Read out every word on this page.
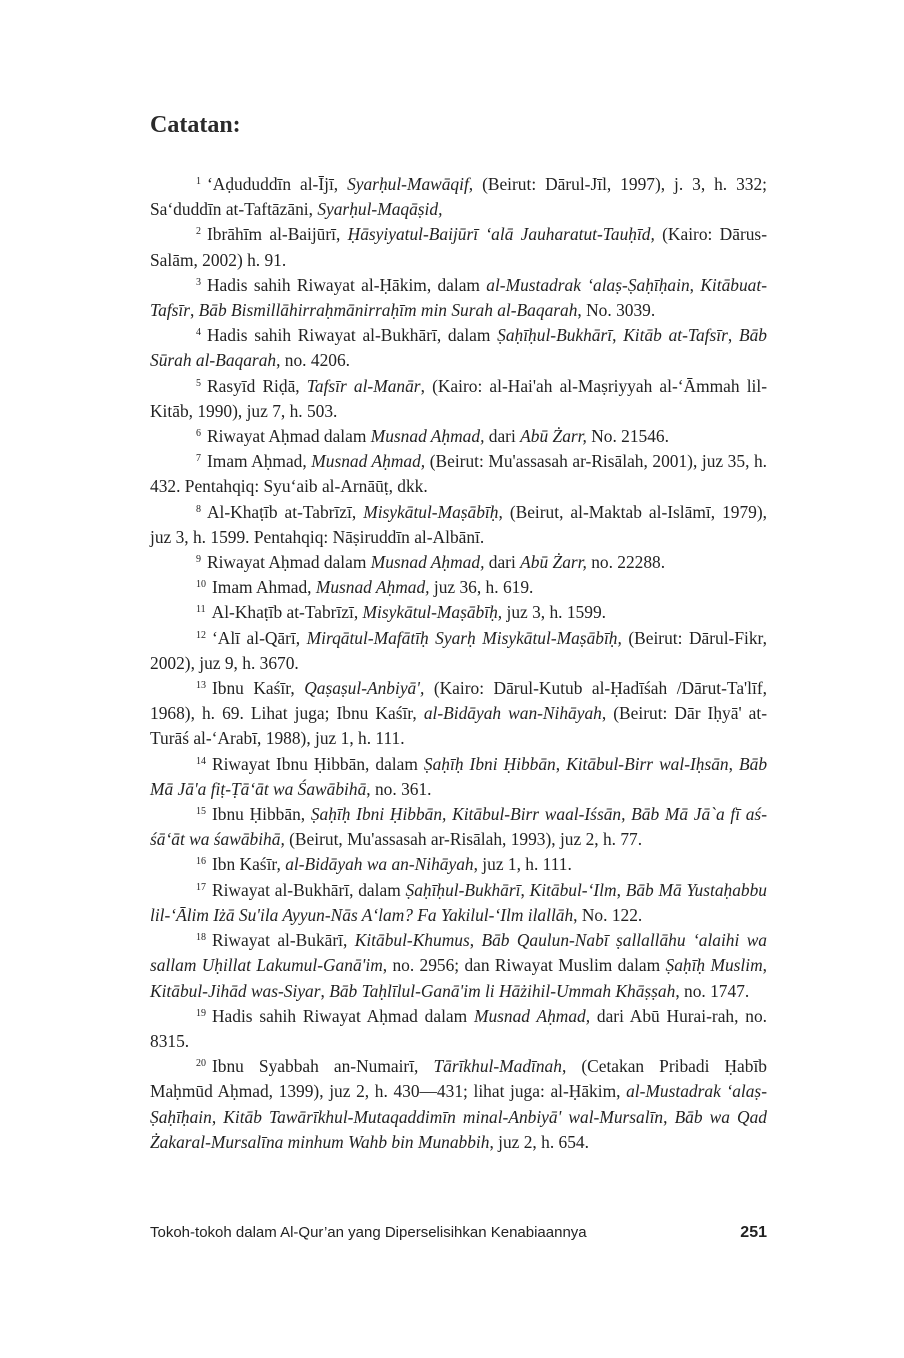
Catatan:

$^1$ ‘Aḍududdīn al-Ījī, Syarḥul-Mawāqif, (Beirut: Dārul-Jīl, 1997), j. 3, h. 332; Sa‘duddīn at-Taftāzāni, Syarḥul-Maqāṣid,

$^2$ Ibrāhīm al-Baijūrī, Ḥāsyiyatul-Baijūrī ‘alā Jauharatut-Tauḥīd, (Kairo: Dārus-Salām, 2002) h. 91.

$^3$ Hadis sahih Riwayat al-Ḥākim, dalam al-Mustadrak ‘alaṣ-Ṣaḥīḥain, Kitābuat-Tafsīr, Bāb Bismillāhirraḥmānirraḥīm min Surah al-Baqarah, No. 3039.

$^4$ Hadis sahih Riwayat al-Bukhārī, dalam Ṣaḥīḥul-Bukhārī, Kitāb at-Tafsīr, Bāb Sūrah al-Baqarah, no. 4206.

$^5$ Rasyīd Riḍā, Tafsīr al-Manār, (Kairo: al-Hai'ah al-Maṣriyyah al-‘Āmmah lil-Kitāb, 1990), juz 7, h. 503.

$^6$ Riwayat Aḥmad dalam Musnad Aḥmad, dari Abū Żarr, No. 21546.

$^7$ Imam Aḥmad, Musnad Aḥmad, (Beirut: Mu'assasah ar-Risālah, 2001), juz 35, h. 432. Pentahqiq: Syu‘aib al-Arnāūṭ, dkk.

$^8$ Al-Khaṭīb at-Tabrīzī, Misykātul-Maṣābīḥ, (Beirut, al-Maktab al-Islāmī, 1979), juz 3, h. 1599. Pentahqiq: Nāṣiruddīn al-Albānī.

$^9$ Riwayat Aḥmad dalam Musnad Aḥmad, dari Abū Żarr, no. 22288.

$^{10}$ Imam Ahmad, Musnad Aḥmad, juz 36, h. 619.

$^{11}$ Al-Khaṭīb at-Tabrīzī, Misykātul-Maṣābīḥ, juz 3, h. 1599.

$^{12}$ ‘Alī al-Qārī, Mirqātul-Mafātīḥ Syarḥ Misykātul-Maṣābīḥ, (Beirut: Dārul-Fikr, 2002), juz 9, h. 3670.

$^{13}$ Ibnu Kaśīr, Qaṣaṣul-Anbiyā', (Kairo: Dārul-Kutub al-Ḥadīśah /Dārut-Ta'līf, 1968), h. 69. Lihat juga; Ibnu Kaśīr, al-Bidāyah wan-Nihāyah, (Beirut: Dār Iḥyā' at-Turāś al-‘Arabī, 1988), juz 1, h. 111.

$^{14}$ Riwayat Ibnu Ḥibbān, dalam Ṣaḥīḥ Ibni Ḥibbān, Kitābul-Birr wal-Iḥsān, Bāb Mā Jā'a fiṭ-Ṭā‘āt wa Śawābihā, no. 361.

$^{15}$ Ibnu Ḥibbān, Ṣaḥīḥ Ibni Ḥibbān, Kitābul-Birr waal-Iśsān, Bāb Mā Jā`a fī aś-śā‘āt wa śawābihā, (Beirut, Mu'assasah ar-Risālah, 1993), juz 2, h. 77.

$^{16}$ Ibn Kaśīr, al-Bidāyah wa an-Nihāyah, juz 1, h. 111.

$^{17}$ Riwayat al-Bukhārī, dalam Ṣaḥīḥul-Bukhārī, Kitābul-‘Ilm, Bāb Mā Yustaḥabbu lil-‘Ālim Iżā Su'ila Ayyun-Nās A‘lam? Fa Yakilul-‘Ilm ilallāh, No. 122.

$^{18}$ Riwayat al-Bukārī, Kitābul-Khumus, Bāb Qaulun-Nabī ṣallallāhu ‘alaihi wa sallam Uḥillat Lakumul-Ganā'im, no. 2956; dan Riwayat Muslim dalam Ṣaḥīḥ Muslim, Kitābul-Jihād was-Siyar, Bāb Taḥlīlul-Ganā'im li Hāżihil-Ummah Khāṣṣah, no. 1747.

$^{19}$ Hadis sahih Riwayat Aḥmad dalam Musnad Aḥmad, dari Abū Hurai-rah, no. 8315.

$^{20}$ Ibnu Syabbah an-Numairī, Tārīkhul-Madīnah, (Cetakan Pribadi Ḥabīb Maḥmūd Aḥmad, 1399), juz 2, h. 430—431; lihat juga: al-Ḥākim, al-Mustadrak ‘alaṣ-Ṣaḥīḥain, Kitāb Tawārīkhul-Mutaqaddimīn minal-Anbiyā' wal-Mursalīn, Bāb wa Qad Żakaral-Mursalīna minhum Wahb bin Munabbih, juz 2, h. 654.

Tokoh-tokoh dalam Al-Qur’an yang Diperselisihkan Kenabiaannya	251
